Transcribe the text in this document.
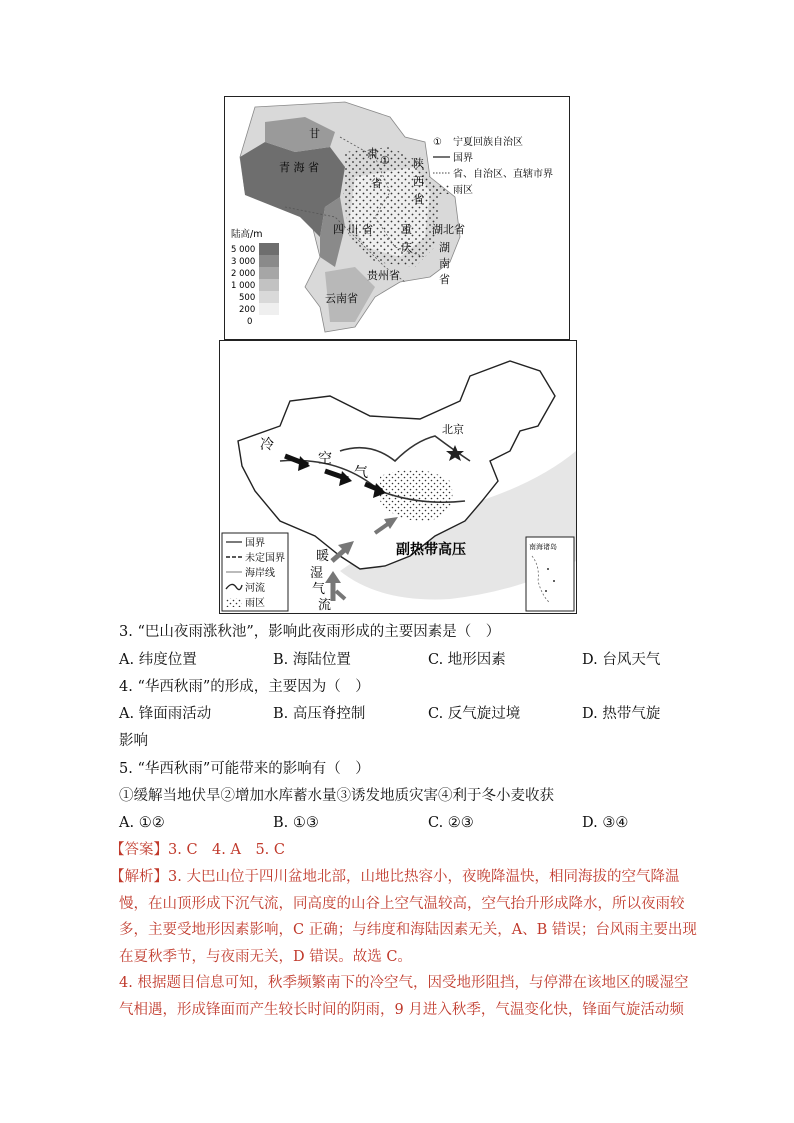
甘
肃
省
青 海 省
① 陕
西
省
四 川 省	重
庆
湖北省
湖
南
省
贵州省
云南省
① 宁夏回族自治区
国界
省、自治区、直辖市界
雨区
陆高/m
5 000
3 000
2 000
1 000
500
200
0
北京
冷
空
气
暖
湿
气
流
副热带高压
国界
未定国界
海岸线
河流
雨区
南海诸岛
3. “巴山夜雨涨秋池”，影响此夜雨形成的主要因素是（　）
A. 纬度位置	B. 海陆位置	C. 地形因素	D. 台风天气
4. “华西秋雨”的形成，主要因为（　）
A. 锋面雨活动	B. 高压脊控制	C. 反气旋过境	D. 热带气旋
影响
5. “华西秋雨”可能带来的影响有（　）
①缓解当地伏旱②增加水库蓄水量③诱发地质灾害④利于冬小麦收获
A. ①②	B. ①③	C. ②③	D. ③④
【答案】3. C　4. A　5. C
【解析】3. 大巴山位于四川盆地北部，山地比热容小，夜晚降温快，相同海拔的空气降温
慢，在山顶形成下沉气流，同高度的山谷上空气温较高，空气抬升形成降水，所以夜雨较
多，主要受地形因素影响，C 正确；与纬度和海陆因素无关，A、B 错误；台风雨主要出现
在夏秋季节，与夜雨无关，D 错误。故选 C。
4. 根据题目信息可知，秋季频繁南下的冷空气，因受地形阻挡，与停滞在该地区的暖湿空
气相遇，形成锋面而产生较长时间的阴雨，9 月进入秋季，气温变化快，锋面气旋活动频
